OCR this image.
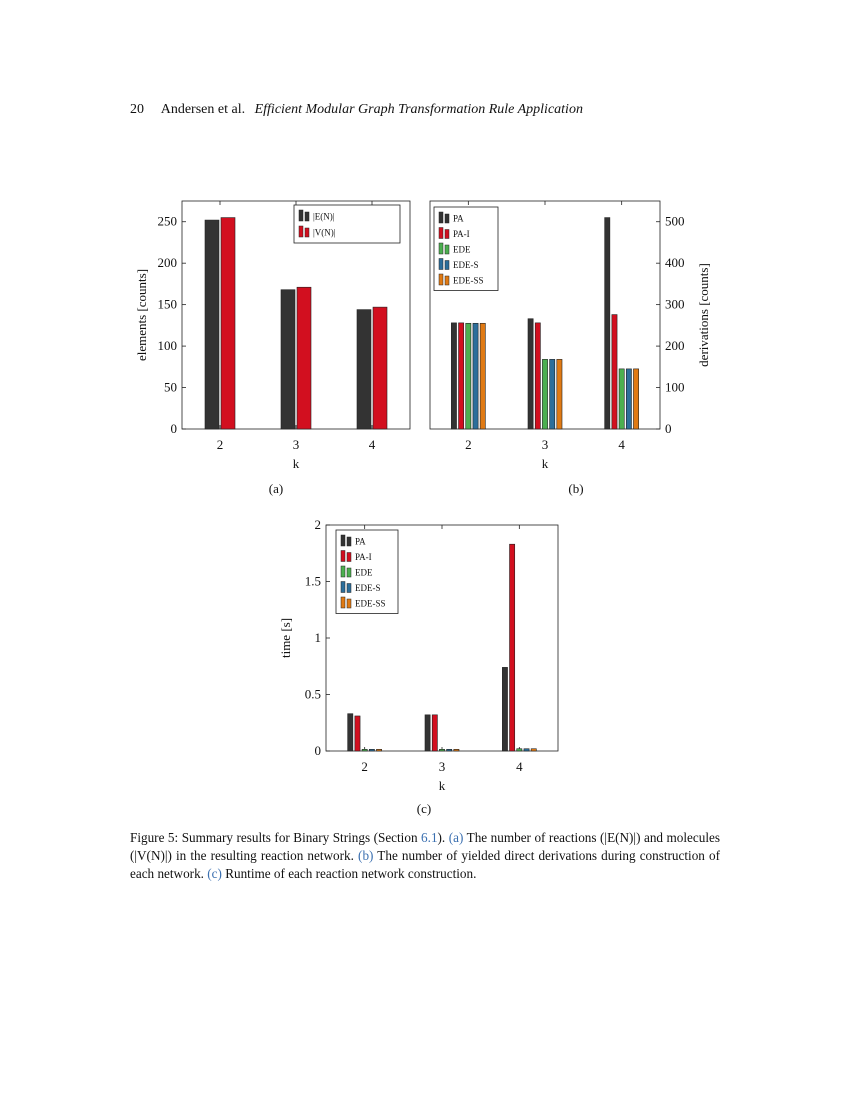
20 Andersen et al. Efficient Modular Graph Transformation Rule Application
0
50
100
150
200
250
2	3	4
k
elements [counts]
|E(N)|
|V(N)|
0
100
200
300
400
500
2	3	4
k
derivations [counts]
PA
PA-I
EDE
EDE-S
EDE-SS
0
0.5
1
1.5
2
2	3	4
k
time [s]
PA
PA-I
EDE
EDE-S
EDE-SS
(a)	(b)
(c)
Figure 5: Summary results for Binary Strings (Section 6.1). (a) The number of reactions (|E(N)|) and molecules (|V(N)|) in the resulting reaction network. (b) The number of yielded direct derivations during construction of each network. (c) Runtime of each reaction network construction.
